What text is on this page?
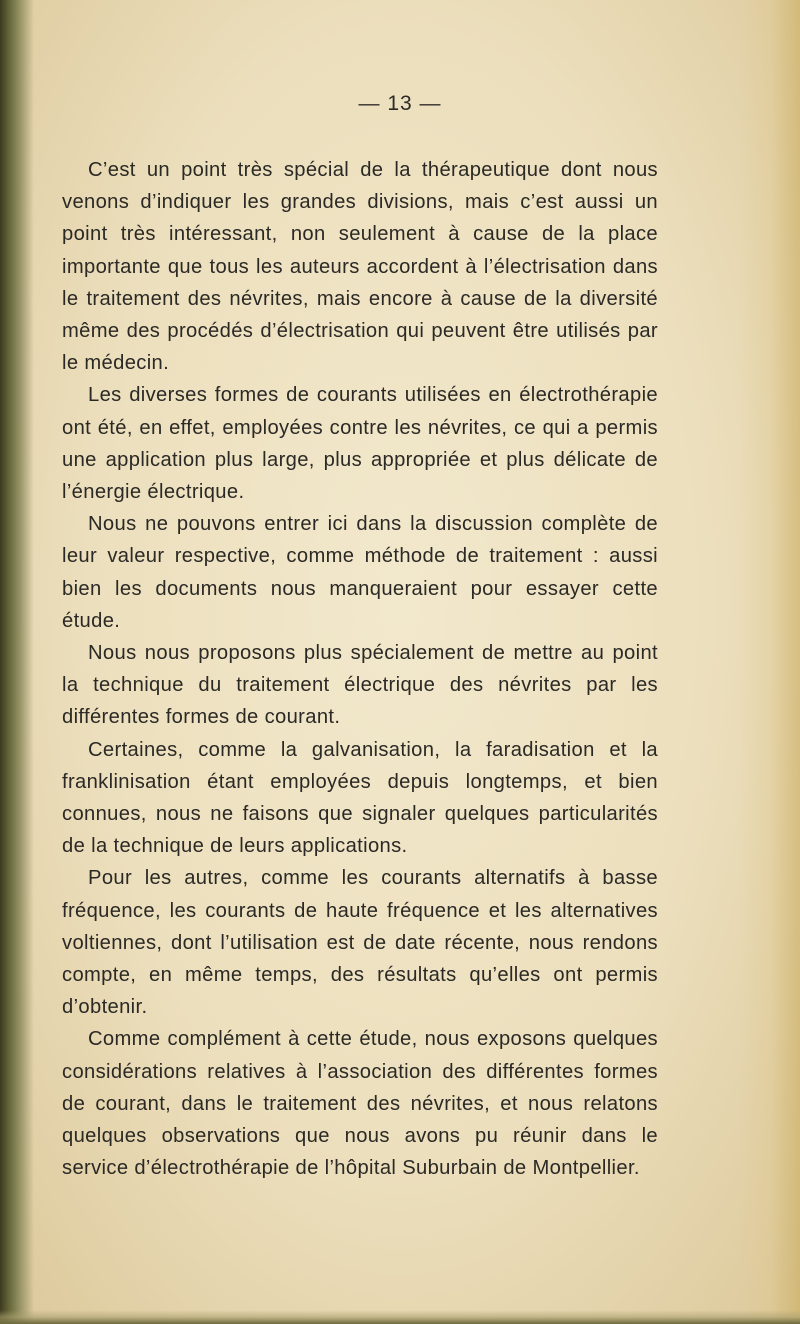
— 13 —

C’est un point très spécial de la thérapeutique dont nous venons d’indiquer les grandes divisions, mais c’est aussi un point très intéressant, non seulement à cause de la place importante que tous les auteurs accordent à l’électrisation dans le traitement des névrites, mais encore à cause de la diversité même des procédés d’électrisation qui peuvent être utilisés par le médecin.

Les diverses formes de courants utilisées en électrothérapie ont été, en effet, employées contre les névrites, ce qui a permis une application plus large, plus appropriée et plus délicate de l’énergie électrique.

Nous ne pouvons entrer ici dans la discussion complète de leur valeur respective, comme méthode de traitement : aussi bien les documents nous manqueraient pour essayer cette étude.

Nous nous proposons plus spécialement de mettre au point la technique du traitement électrique des névrites par les différentes formes de courant.

Certaines, comme la galvanisation, la faradisation et la franklinisation étant employées depuis longtemps, et bien connues, nous ne faisons que signaler quelques particularités de la technique de leurs applications.

Pour les autres, comme les courants alternatifs à basse fréquence, les courants de haute fréquence et les alternatives voltiennes, dont l’utilisation est de date récente, nous rendons compte, en même temps, des résultats qu’elles ont permis d’obtenir.

Comme complément à cette étude, nous exposons quelques considérations relatives à l’association des différentes formes de courant, dans le traitement des névrites, et nous relatons quelques observations que nous avons pu réunir dans le service d’électrothérapie de l’hôpital Suburbain de Montpellier.
